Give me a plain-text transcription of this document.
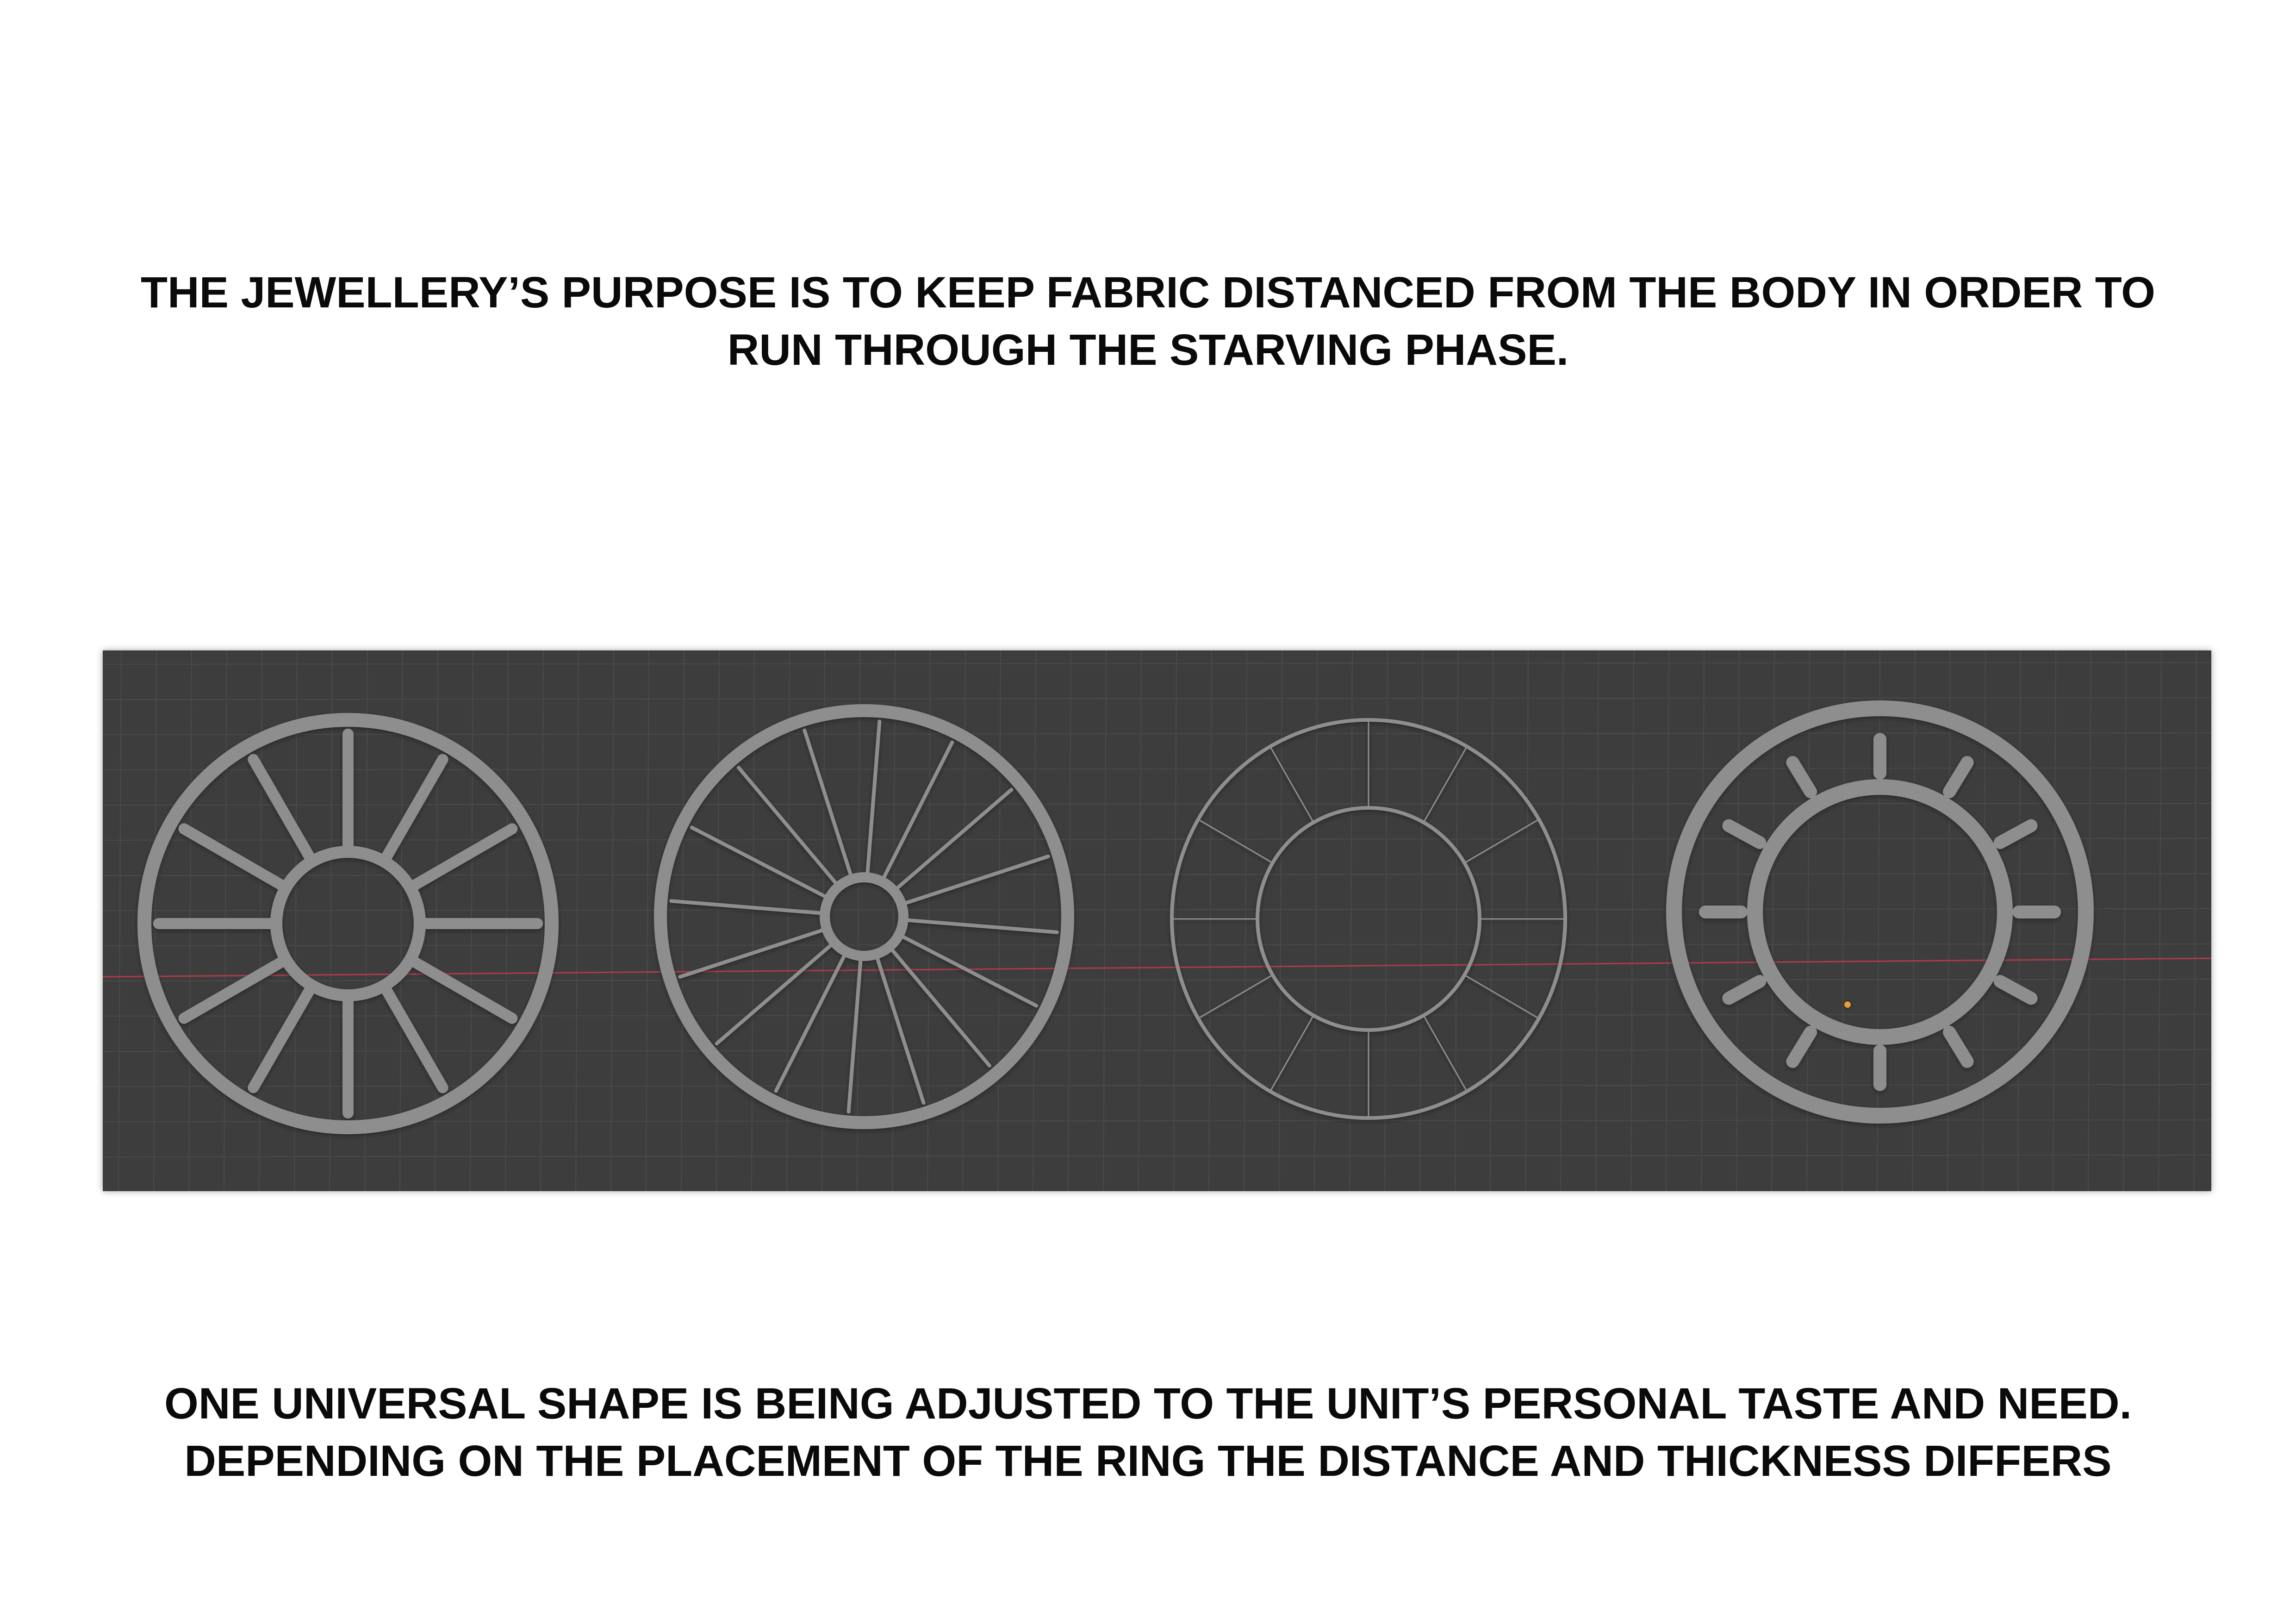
THE JEWELLERY’S PURPOSE IS TO KEEP FABRIC DISTANCED FROM THE BODY IN ORDER TO
RUN THROUGH THE STARVING PHASE.
ONE UNIVERSAL SHAPE IS BEING ADJUSTED TO THE UNIT’S PERSONAL TASTE AND NEED.
DEPENDING ON THE PLACEMENT OF THE RING THE DISTANCE AND THICKNESS DIFFERS
